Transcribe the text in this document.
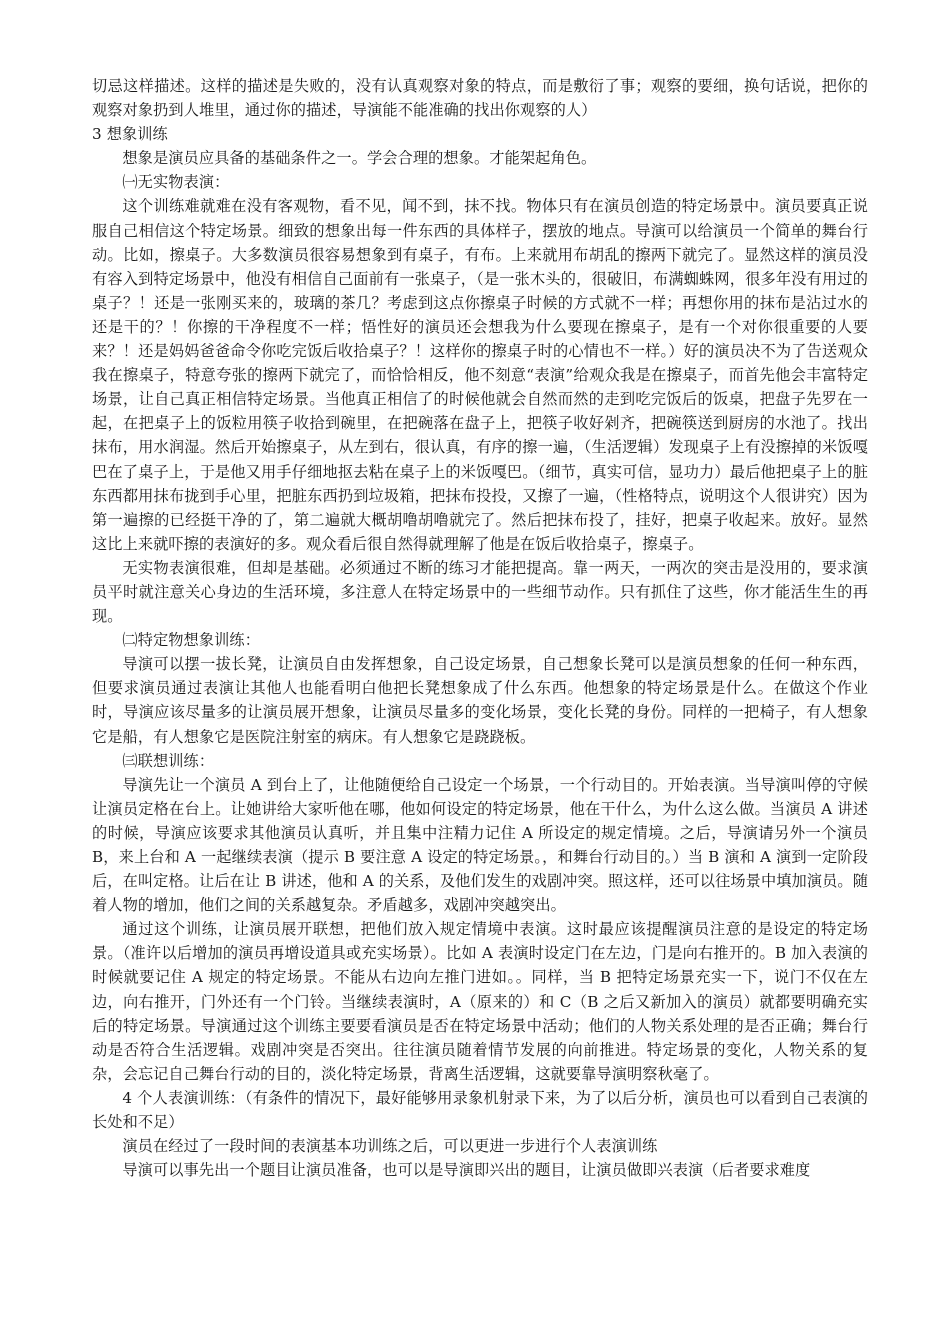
切忌这样描述。这样的描述是失败的，没有认真观察对象的特点，而是敷衍了事；观察的要细，换句话说，把你的观察对象扔到人堆里，通过你的描述，导演能不能准确的找出你观察的人）

3 想象训练

想象是演员应具备的基础条件之一。学会合理的想象。才能架起角色。

㈠无实物表演：

这个训练难就难在没有客观物，看不见，闻不到，抹不找。物体只有在演员创造的特定场景中。演员要真正说服自己相信这个特定场景。细致的想象出每一件东西的具体样子，摆放的地点。导演可以给演员一个简单的舞台行动。比如，擦桌子。大多数演员很容易想象到有桌子，有布。上来就用布胡乱的擦两下就完了。显然这样的演员没有容入到特定场景中，他没有相信自己面前有一张桌子，（是一张木头的，很破旧，布满蜘蛛网，很多年没有用过的桌子？！还是一张刚买来的，玻璃的茶几？考虑到这点你擦桌子时候的方式就不一样；再想你用的抹布是沾过水的还是干的？！你擦的干净程度不一样；悟性好的演员还会想我为什么要现在擦桌子，是有一个对你很重要的人要来？！还是妈妈爸爸命令你吃完饭后收拾桌子？！这样你的擦桌子时的心情也不一样。）好的演员决不为了告送观众我在擦桌子，特意夸张的擦两下就完了，而恰恰相反，他不刻意“表演”给观众我是在擦桌子，而首先他会丰富特定场景，让自己真正相信特定场景。当他真正相信了的时候他就会自然而然的走到吃完饭后的饭桌，把盘子先罗在一起，在把桌子上的饭粒用筷子收拾到碗里，在把碗落在盘子上，把筷子收好剁齐，把碗筷送到厨房的水池了。找出抹布，用水润湿。然后开始擦桌子，从左到右，很认真，有序的擦一遍，（生活逻辑）发现桌子上有没擦掉的米饭嘎巴在了桌子上，于是他又用手仔细地抠去粘在桌子上的米饭嘎巴。（细节，真实可信，显功力）最后他把桌子上的脏东西都用抹布拢到手心里，把脏东西扔到垃圾箱，把抹布投投，又擦了一遍，（性格特点，说明这个人很讲究）因为第一遍擦的已经挺干净的了，第二遍就大概胡噜胡噜就完了。然后把抹布投了，挂好，把桌子收起来。放好。显然这比上来就吓擦的表演好的多。观众看后很自然得就理解了他是在饭后收拾桌子，擦桌子。

无实物表演很难，但却是基础。必须通过不断的练习才能把提高。靠一两天，一两次的突击是没用的，要求演员平时就注意关心身边的生活环境，多注意人在特定场景中的一些细节动作。只有抓住了这些，你才能活生生的再现。

㈡特定物想象训练：

导演可以摆一拔长凳，让演员自由发挥想象，自己设定场景，自己想象长凳可以是演员想象的任何一种东西，但要求演员通过表演让其他人也能看明白他把长凳想象成了什么东西。他想象的特定场景是什么。在做这个作业时，导演应该尽量多的让演员展开想象，让演员尽量多的变化场景，变化长凳的身份。同样的一把椅子，有人想象它是船，有人想象它是医院注射室的病床。有人想象它是跷跷板。

㈢联想训练：

导演先让一个演员 A 到台上了，让他随便给自己设定一个场景，一个行动目的。开始表演。当导演叫停的守候让演员定格在台上。让她讲给大家听他在哪，他如何设定的特定场景，他在干什么，为什么这么做。当演员 A 讲述的时候，导演应该要求其他演员认真听，并且集中注精力记住 A 所设定的规定情境。之后，导演请另外一个演员 B，来上台和 A 一起继续表演（提示 B 要注意 A 设定的特定场景。，和舞台行动目的。）当 B 演和 A 演到一定阶段后，在叫定格。让后在让 B 讲述，他和 A 的关系，及他们发生的戏剧冲突。照这样，还可以往场景中填加演员。随着人物的增加，他们之间的关系越复杂。矛盾越多，戏剧冲突越突出。

通过这个训练，让演员展开联想，把他们放入规定情境中表演。这时最应该提醒演员注意的是设定的特定场景。（准许以后增加的演员再增设道具或充实场景）。比如 A 表演时设定门在左边，门是向右推开的。B 加入表演的时候就要记住 A 规定的特定场景。不能从右边向左推门进如。。同样，当 B 把特定场景充实一下，说门不仅在左边，向右推开，门外还有一个门铃。当继续表演时，A（原来的）和 C（B 之后又新加入的演员）就都要明确充实后的特定场景。导演通过这个训练主要要看演员是否在特定场景中活动；他们的人物关系处理的是否正确；舞台行动是否符合生活逻辑。戏剧冲突是否突出。往往演员随着情节发展的向前推进。特定场景的变化，人物关系的复杂，会忘记自己舞台行动的目的，淡化特定场景，背离生活逻辑，这就要靠导演明察秋毫了。

4 个人表演训练：（有条件的情况下，最好能够用录象机射录下来，为了以后分析，演员也可以看到自己表演的长处和不足）

演员在经过了一段时间的表演基本功训练之后，可以更进一步进行个人表演训练

导演可以事先出一个题目让演员准备，也可以是导演即兴出的题目，让演员做即兴表演（后者要求难度
